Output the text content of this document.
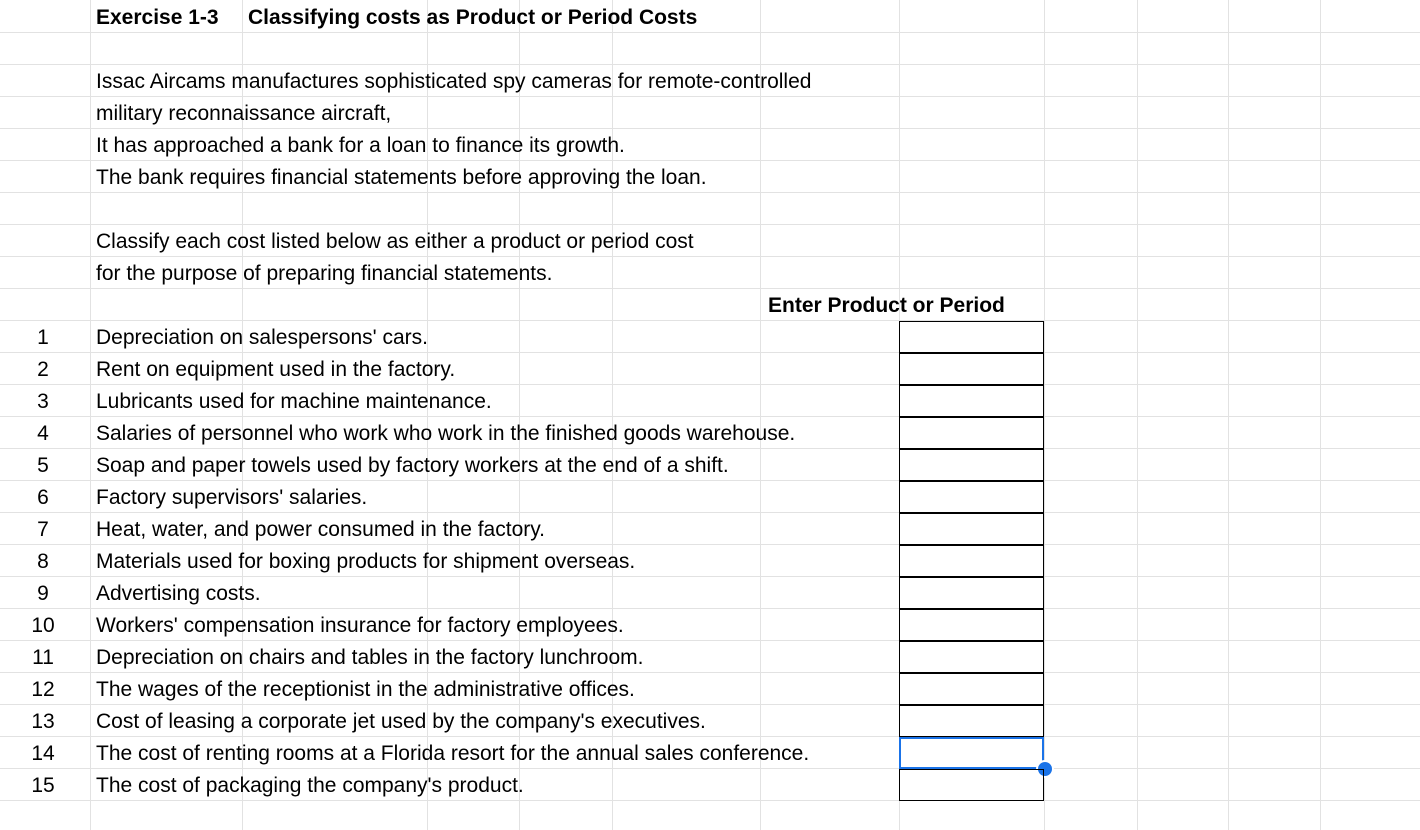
Exercise 1-3 Classifying costs as Product or Period Costs
Issac Aircams manufactures sophisticated spy cameras for remote-controlled
military reconnaissance aircraft,
It has approached a bank for a loan to finance its growth.
The bank requires financial statements before approving the loan.
Classify each cost listed below as either a product or period cost
for the purpose of preparing financial statements.
Enter Product or Period
1	Depreciation on salespersons' cars.
2	Rent on equipment used in the factory.
3	Lubricants used for machine maintenance.
4	Salaries of personnel who work who work in the finished goods warehouse.
5	Soap and paper towels used by factory workers at the end of a shift.
6	Factory supervisors' salaries.
7	Heat, water, and power consumed in the factory.
8	Materials used for boxing products for shipment overseas.
9	Advertising costs.
10	Workers' compensation insurance for factory employees.
11	Depreciation on chairs and tables in the factory lunchroom.
12	The wages of the receptionist in the administrative offices.
13	Cost of leasing a corporate jet used by the company's executives.
14	The cost of renting rooms at a Florida resort for the annual sales conference.
15	The cost of packaging the company's product.
